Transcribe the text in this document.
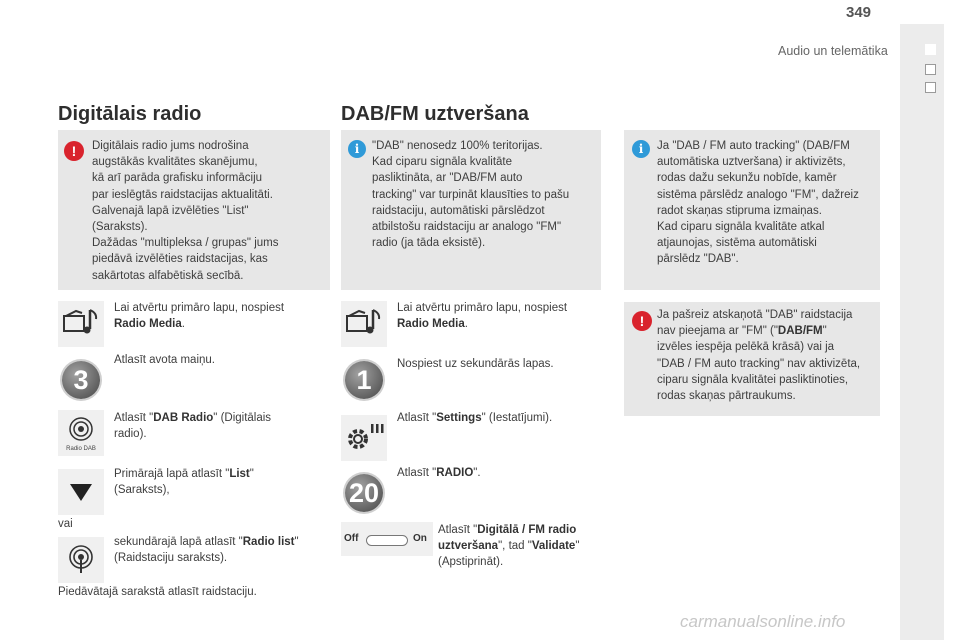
349
Audio un telemātika
Digitālais radio
!	Digitālais radio jums nodrošina
augstākās kvalitātes skanējumu,
kā arī parāda grafisku informāciju
par ieslēgtās raidstacijas aktualitāti.
Galvenajā lapā izvēlēties "List"
(Saraksts).
Dažādas "multipleksa / grupas" jums
piedāvā izvēlēties raidstacijas, kas
sakārtotas alfabētiskā secībā.
3
Radio DAB
Lai atvērtu primāro lapu, nospiest
Radio Media.
Atlasīt avota maiņu.
Atlasīt "DAB Radio" (Digitālais radio).
Primārajā lapā atlasīt "List" (Saraksts),
vai
sekundārajā lapā atlasīt "Radio list" (Raidstaciju saraksts).
Piedāvātajā sarakstā atlasīt raidstaciju.
DAB/FM uztveršana
i	"DAB" nenosedz 100% teritorijas.
Kad ciparu signāla kvalitāte
pasliktināta, ar "DAB/FM auto
tracking" var turpināt klausīties to pašu
raidstaciju, automātiski pārslēdzot
atbilstošu raidstaciju ar analogo "FM"
radio (ja tāda eksistē).
i	Ja "DAB / FM auto tracking" (DAB/FM
automātiska uztveršana) ir aktivizēts,
rodas dažu sekunžu nobīde, kamēr
sistēma pārslēdz analogo "FM", dažreiz
radot skaņas stipruma izmaiņas.
Kad ciparu signāla kvalitāte atkal
atjaunojas, sistēma automātiski
pārslēdz "DAB".
!	Ja pašreiz atskaņotā "DAB" raidstacija
nav pieejama ar "FM" ("DAB/FM"
izvēles iespēja pelēkā krāsā) vai ja
"DAB / FM auto tracking" nav aktivizēta,
ciparu signāla kvalitātei pasliktinoties,
rodas skaņas pārtraukums.
1
20
Off	On
Lai atvērtu primāro lapu, nospiest
Radio Media.
Nospiest uz sekundārās lapas.
Atlasīt "Settings" (Iestatījumi).
Atlasīt "RADIO".
Atlasīt "Digitālā / FM radio uztveršana", tad "Validate" (Apstiprināt).
carmanualsonline.info
